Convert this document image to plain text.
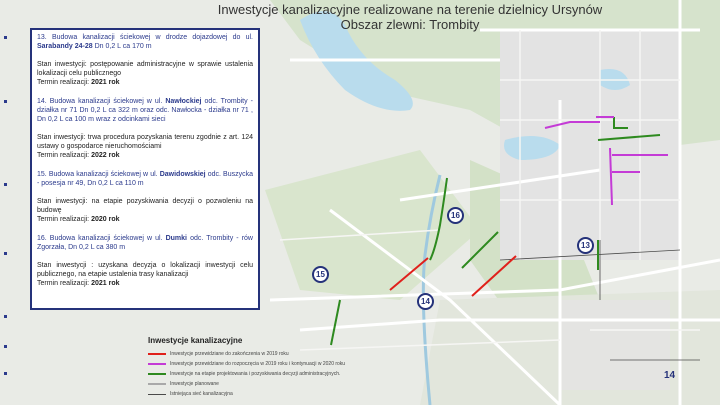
Inwestycje kanalizacyjne realizowane na terenie dzielnicy Ursynów
Obszar zlewni: Trombity
13. Budowa kanalizacji ściekowej w drodze dojazdowej do ul. Sarabandy 24-28 Dn 0,2 L ca 170 m
Stan inwestycji: postępowanie administracyjne w sprawie ustalenia lokalizacji celu publicznego
Termin realizacji: 2021 rok
14. Budowa kanalizacji ściekowej w ul. Nawłockiej odc. Trombity - działka nr 71 Dn 0,2 L ca 322 m oraz odc. Nawłocka - działka nr 71 , Dn 0,2 L ca 100 m wraz z odcinkami sieci
Stan inwestycji: trwa procedura pozyskania terenu zgodnie z art. 124 ustawy o gospodarce nieruchomościami
Termin realizacji: 2022 rok
15. Budowa kanalizacji ściekowej w ul. Dawidowskiej odc. Buszycka - posesja nr 49, Dn 0,2 L ca 110 m
Stan inwestycji: na etapie pozyskiwania decyzji o pozwoleniu na budowę
Termin realizacji: 2020 rok
16. Budowa kanalizacji ściekowej w ul. Dumki odc. Trombity - rów Zgorzała, Dn 0,2 L ca 380 m
Stan inwestycji : uzyskana decyzja o lokalizacji inwestycji celu publicznego, na etapie ustalenia trasy kanalizacji
Termin realizacji: 2021 rok
13
14
15
16
Inwestycje kanalizacyjne
Inwestycje przewidziane do zakończenia w 2019 roku
Inwestycje przewidziane do rozpoczęcia w 2019 roku i kontynuacji w 2020 roku
Inwestycje na etapie projektowania i pozyskiwania decyzji administracyjnych.
Inwestycje planowane
Istniejąca sieć kanalizacyjna
14
